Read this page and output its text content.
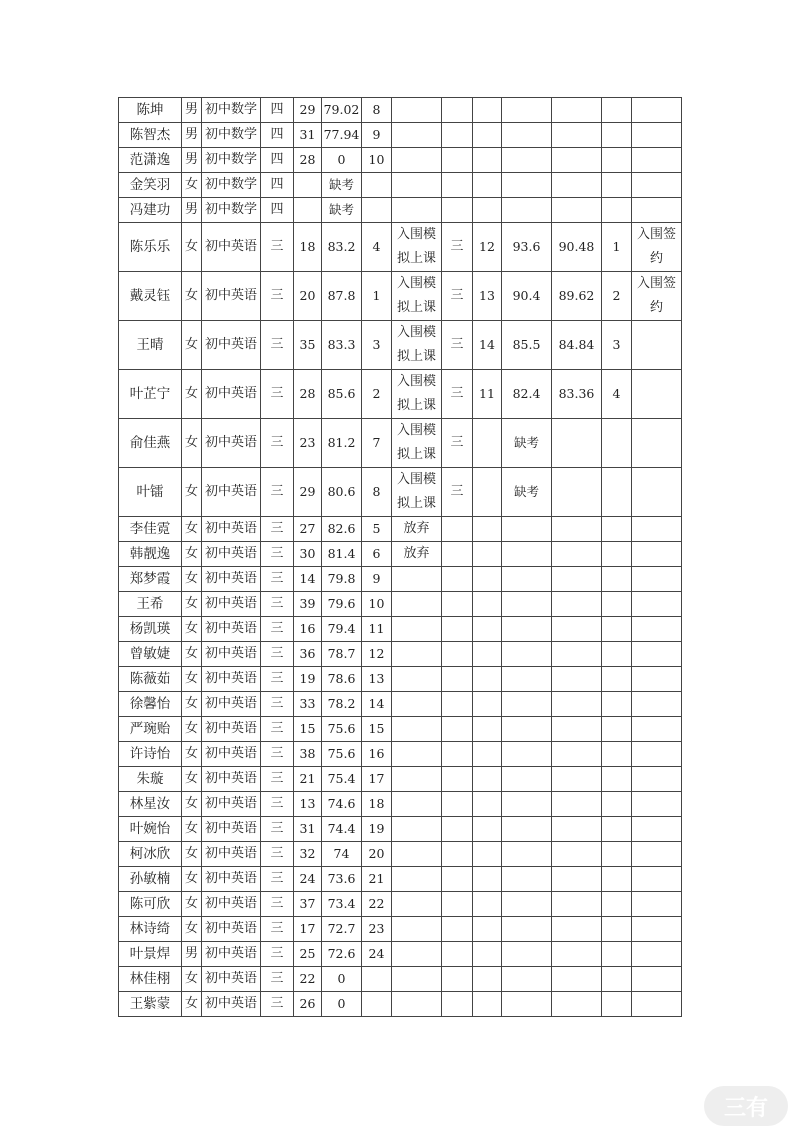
陈坤	男	初中数学	四	29	79.02	8							
陈智杰	男	初中数学	四	31	77.94	9							
范潇逸	男	初中数学	四	28	0	10							
金笑羽	女	初中数学	四		缺考								
冯建功	男	初中数学	四		缺考								
陈乐乐	女	初中英语	三	18	83.2	4	入围模拟上课	三	12	93.6	90.48	1	入围签约
戴灵钰	女	初中英语	三	20	87.8	1	入围模拟上课	三	13	90.4	89.62	2	入围签约
王晴	女	初中英语	三	35	83.3	3	入围模拟上课	三	14	85.5	84.84	3	
叶芷宁	女	初中英语	三	28	85.6	2	入围模拟上课	三	11	82.4	83.36	4	
俞佳燕	女	初中英语	三	23	81.2	7	入围模拟上课	三		缺考			
叶镭	女	初中英语	三	29	80.6	8	入围模拟上课	三		缺考			
李佳霓	女	初中英语	三	27	82.6	5	放弃						
韩靓逸	女	初中英语	三	30	81.4	6	放弃						
郑梦霞	女	初中英语	三	14	79.8	9							
王希	女	初中英语	三	39	79.6	10							
杨凯瑛	女	初中英语	三	16	79.4	11							
曾敏婕	女	初中英语	三	36	78.7	12							
陈薇茹	女	初中英语	三	19	78.6	13							
徐馨怡	女	初中英语	三	33	78.2	14							
严琬贻	女	初中英语	三	15	75.6	15							
许诗怡	女	初中英语	三	38	75.6	16							
朱璇	女	初中英语	三	21	75.4	17							
林星汝	女	初中英语	三	13	74.6	18							
叶婉怡	女	初中英语	三	31	74.4	19							
柯冰欣	女	初中英语	三	32	74	20							
孙敏楠	女	初中英语	三	24	73.6	21							
陈可欣	女	初中英语	三	37	73.4	22							
林诗绮	女	初中英语	三	17	72.7	23							
叶景焊	男	初中英语	三	25	72.6	24							
林佳栩	女	初中英语	三	22	0								
王紫蒙	女	初中英语	三	26	0								
三有
